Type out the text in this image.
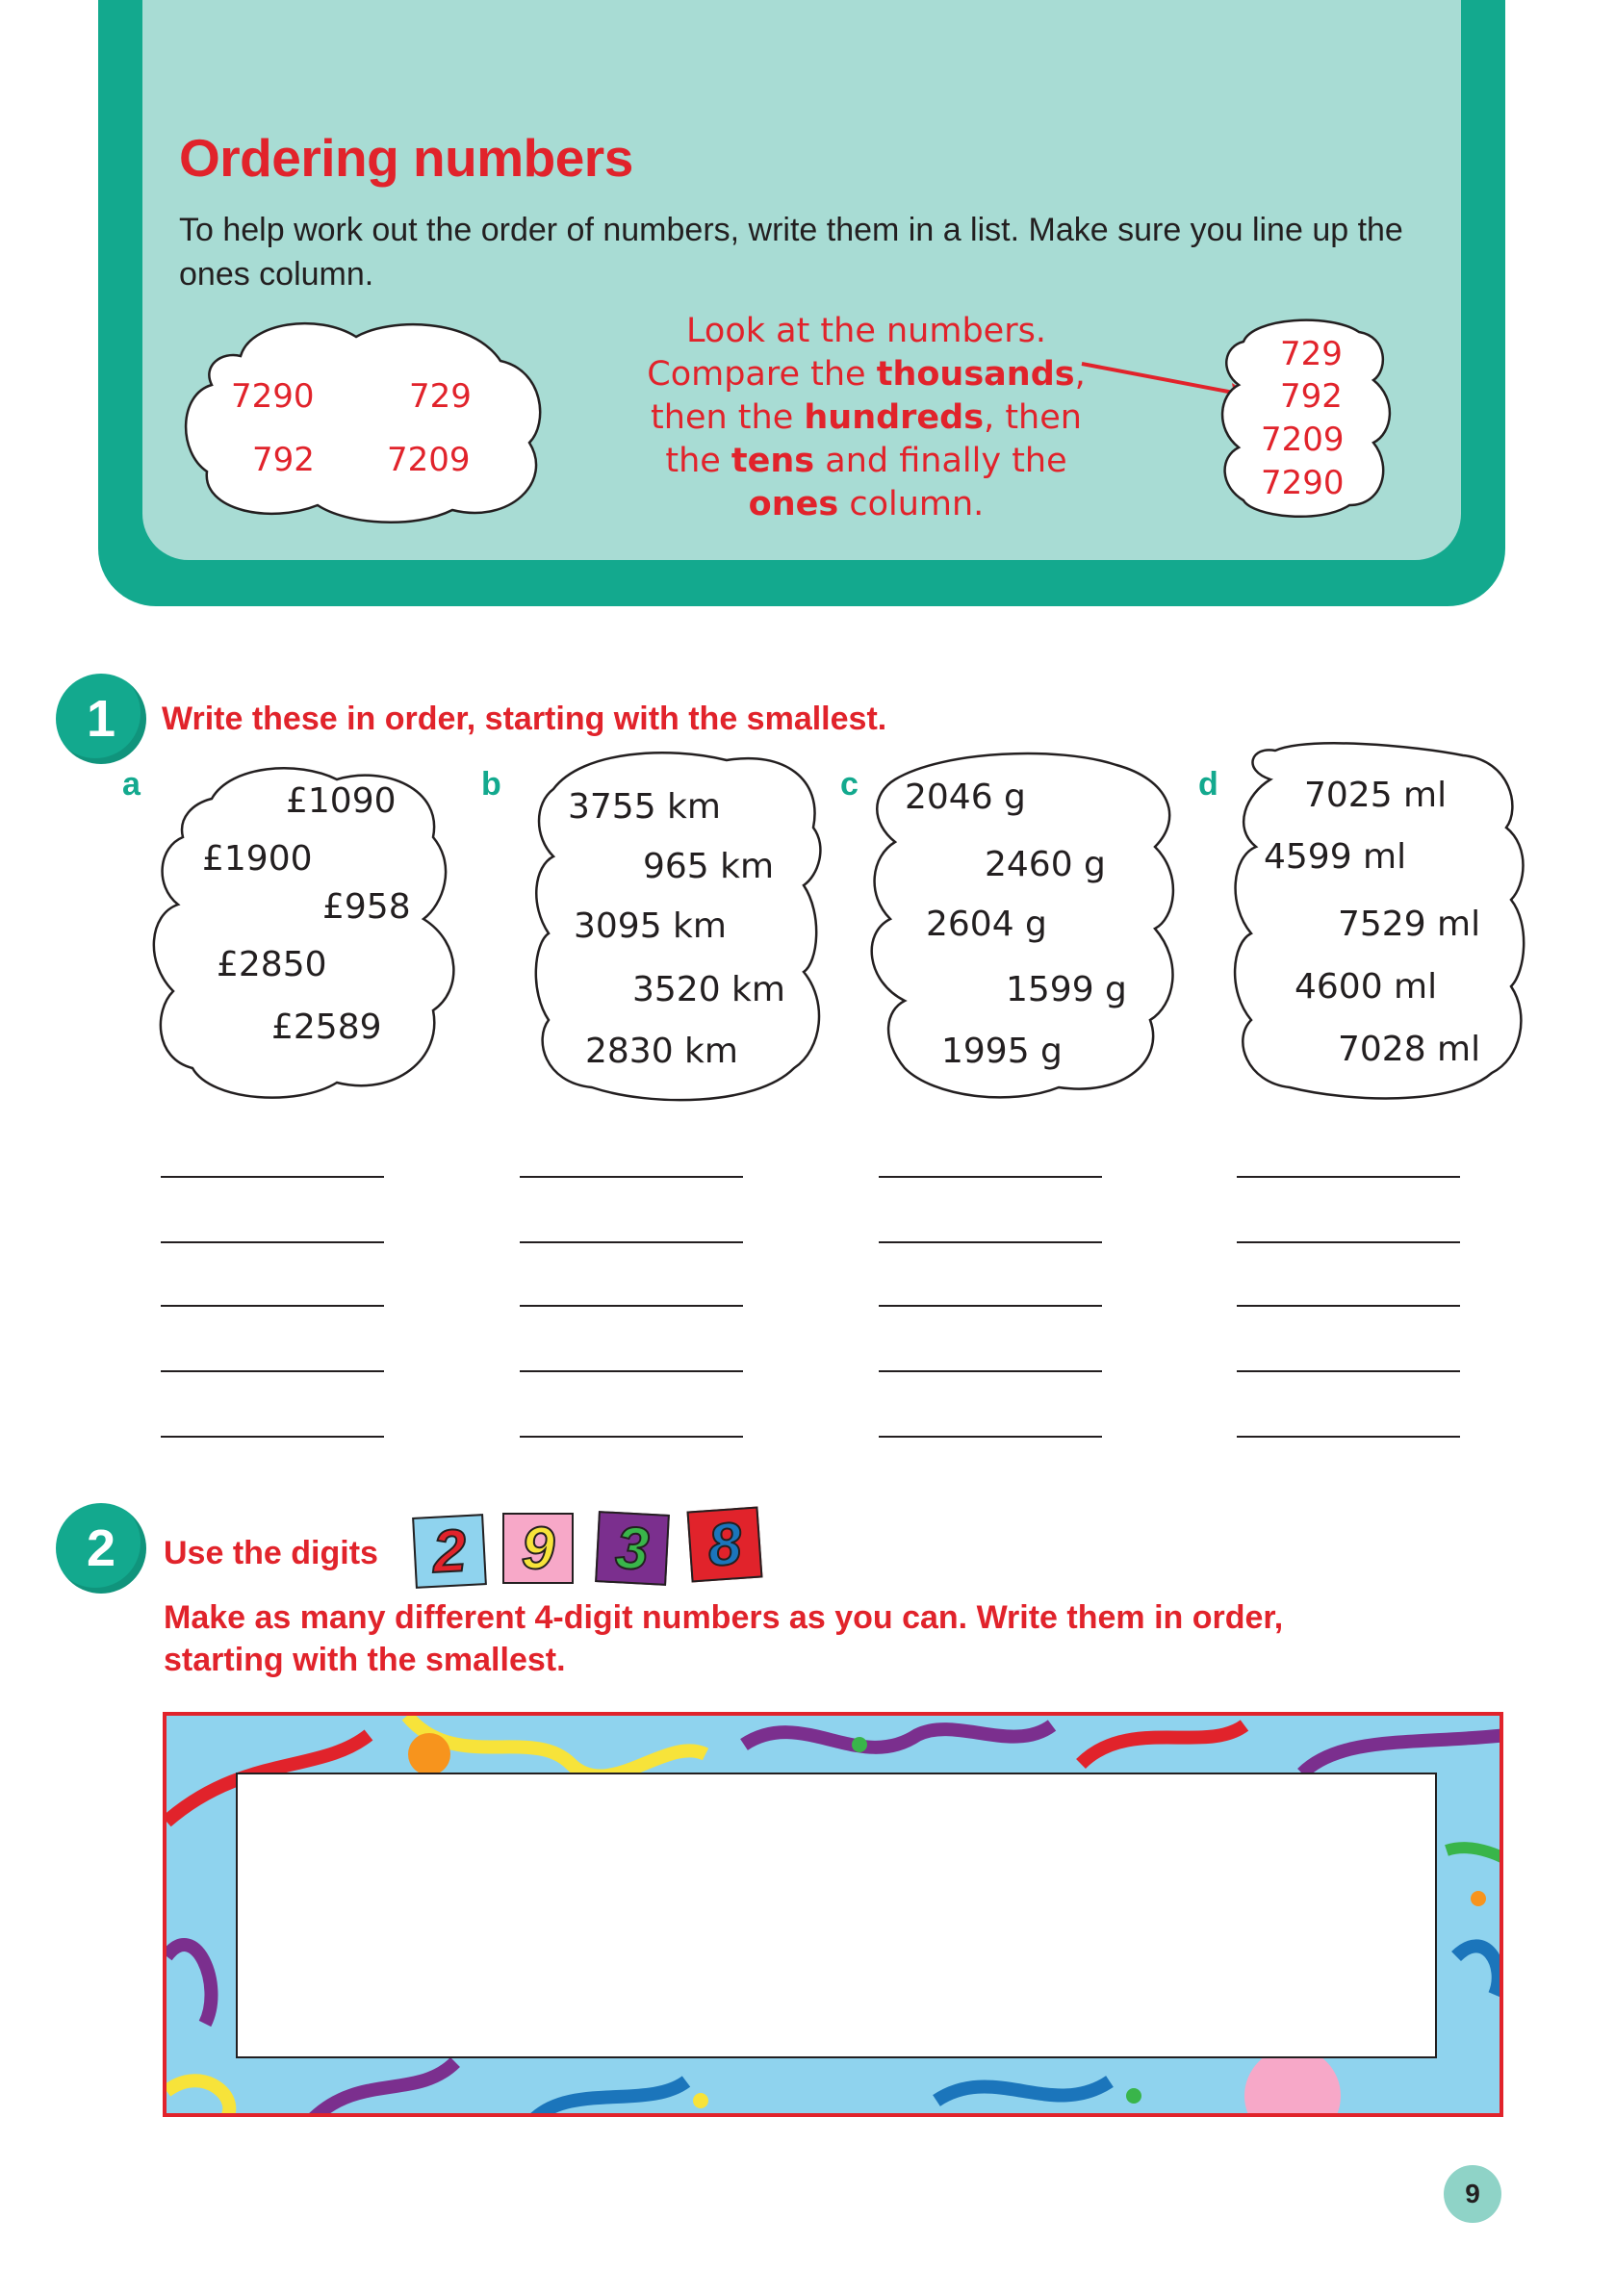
Ordering numbers
To help work out the order of numbers, write them in a list. Make sure you line up the ones column.
7290	729
792 7209
Look at the numbers.
Compare the thousands,
then the hundreds, then
the tens and finally the
ones column.
729
792
7209
7290
1	Write these in order, starting with the smallest.
a	b	c	d
£1090
£1900
£958
£2850
£2589
3755 km
965 km
3095 km
3520 km
2830 km
2046 g
2460 g
2604 g
1599 g
1995 g
7025 ml
4599 ml
7529 ml
4600 ml
7028 ml
2	Use the digits 2 9 3 8
Make as many different 4-digit numbers as you can. Write them in order,
starting with the smallest.
9
